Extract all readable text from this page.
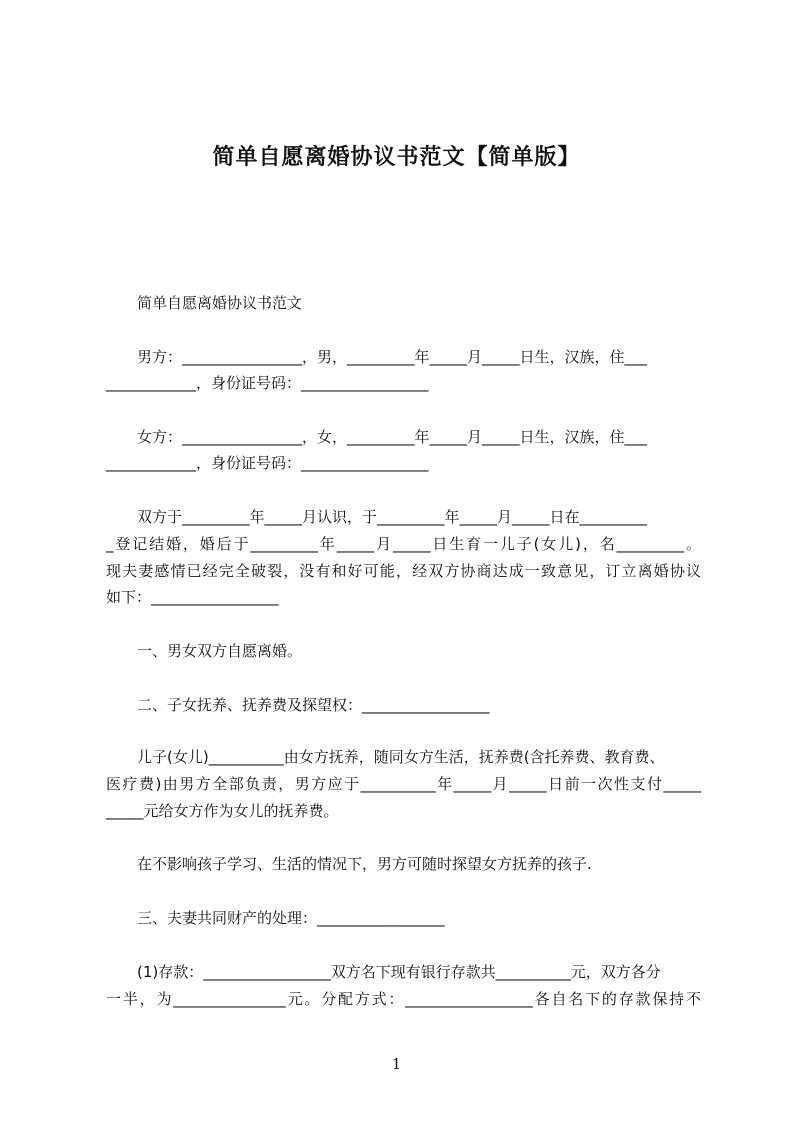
简单自愿离婚协议书范文【简单版】

简单自愿离婚协议书范文

男方：________________，男，_________年_____月_____日生，汉族，住___

____________，身份证号码：_________________

女方：________________，女，_________年_____月_____日生，汉族，住___

____________，身份证号码：_________________

双方于_________年_____月认识，于_________年_____月_____日在_________

_登记结婚，婚后于_________年_____月_____日生育一儿子(女儿)，名_________。

现夫妻感情已经完全破裂，没有和好可能，经双方协商达成一致意见，订立离婚协议

如下：_________________

一、男女双方自愿离婚。

二、子女抚养、抚养费及探望权：_________________

儿子(女儿)__________由女方抚养，随同女方生活，抚养费(含托养费、教育费、

医疗费)由男方全部负责，男方应于__________年_____月_____日前一次性支付_____

_____元给女方作为女儿的抚养费。

在不影响孩子学习、生活的情况下，男方可随时探望女方抚养的孩子.

三、夫妻共同财产的处理：_________________

(1)存款：_________________双方名下现有银行存款共__________元，双方各分

一半，为_______________元。分配方式：_________________各自名下的存款保持不

1
